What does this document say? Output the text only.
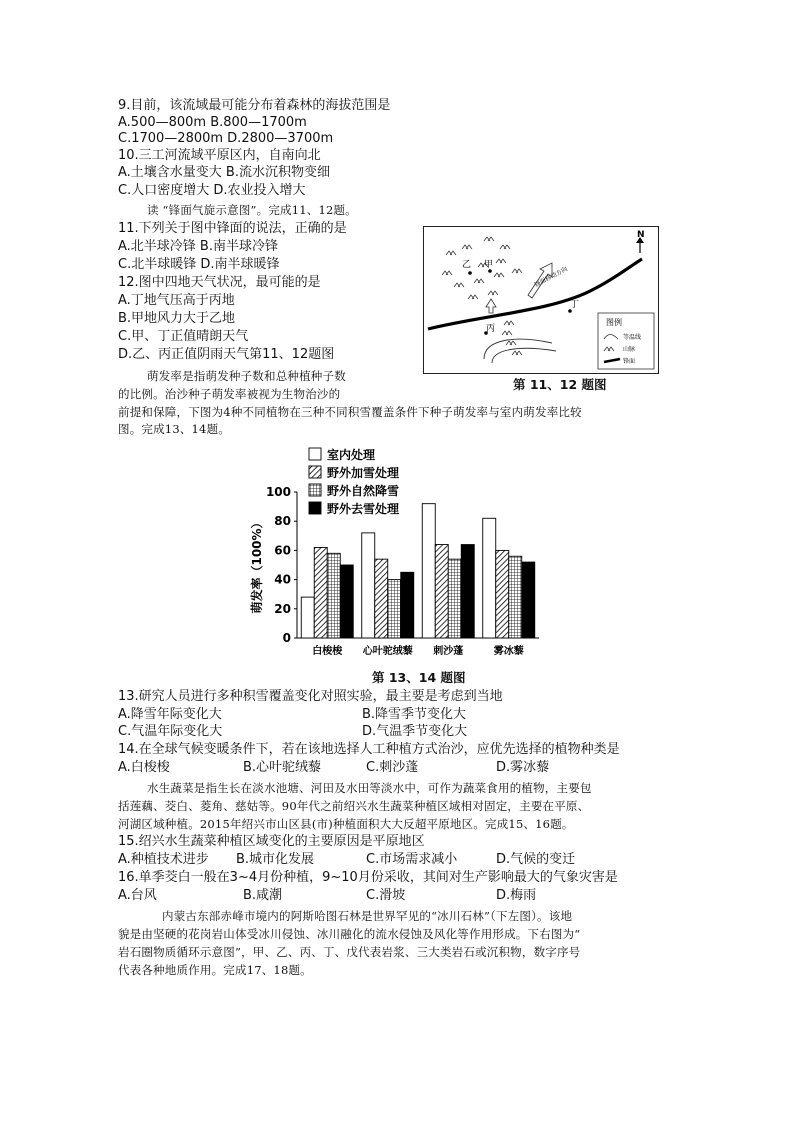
9.目前，该流域最可能分布着森林的海拔范围是
A.500—800m B.800—1700m
C.1700—2800m D.2800—3700m
10.三工河流域平原区内，自南向北
A.土壤含水量变大 B.流水沉积物变细
C.人口密度增大 D.农业投入增大
读 “锋面气旋示意图”。完成11、12题。
11.下列关于图中锋面的说法，正确的是
A.北半球冷锋 B.南半球冷锋
C.北半球暖锋 D.南半球暖锋
12.图中四地天气状况，最可能的是
A.丁地气压高于丙地
B.甲地风力大于乙地
C.甲、丁正值晴朗天气
D.乙、丙正值阴雨天气第11、12题图
锋面移动方向
N
乙 甲
丙
丁
图例
等温线
山脉
锋面
第 11、12 题图
萌发率是指萌发种子数和总种植种子数
的比例。治沙种子萌发率被视为生物治沙的
前提和保障，下图为4种不同植物在三种不同积雪覆盖条件下种子萌发率与室内萌发率比较
图。完成13、14题。
0
20
40
60
80
100
萌发率（100%）
白梭梭 心叶驼绒藜 刺沙蓬	雾冰藜
室内处理
野外加雪处理
野外自然降雪
野外去雪处理
第 13、14 题图
13.研究人员进行多种积雪覆盖变化对照实验，最主要是考虑到当地
A.降雪年际变化大	B.降雪季节变化大
C.气温年际变化大	D.气温季节变化大
14.在全球气候变暖条件下，若在该地选择人工种植方式治沙，应优先选择的植物种类是
A.白梭梭	B.心叶驼绒藜	C.刺沙蓬	D.雾冰藜
水生蔬菜是指生长在淡水池塘、河田及水田等淡水中，可作为蔬菜食用的植物，主要包
括莲藕、茭白、菱角、慈姑等。90年代之前绍兴水生蔬菜种植区域相对固定，主要在平原、
河湖区域种植。2015年绍兴市山区县(市)种植面积大大反超平原地区。完成15、16题。
15.绍兴水生蔬菜种植区域变化的主要原因是平原地区
A.种植技术进步 B.城市化发展	C.市场需求减小	D.气候的变迁
16.单季茭白一般在3~4月份种植，9~10月份采收，其间对生产影响最大的气象灾害是
A.台风	B.咸潮	C.滑坡	D.梅雨
内蒙古东部赤峰市境内的阿斯哈图石林是世界罕见的“冰川石林”（下左图）。该地
貌是由坚硬的花岗岩山体受冰川侵蚀、冰川融化的流水侵蚀及风化等作用形成。下右图为“
岩石圈物质循环示意图”，甲、乙、丙、丁、戊代表岩浆、三大类岩石或沉积物，数字序号
代表各种地质作用。完成17、18题。
